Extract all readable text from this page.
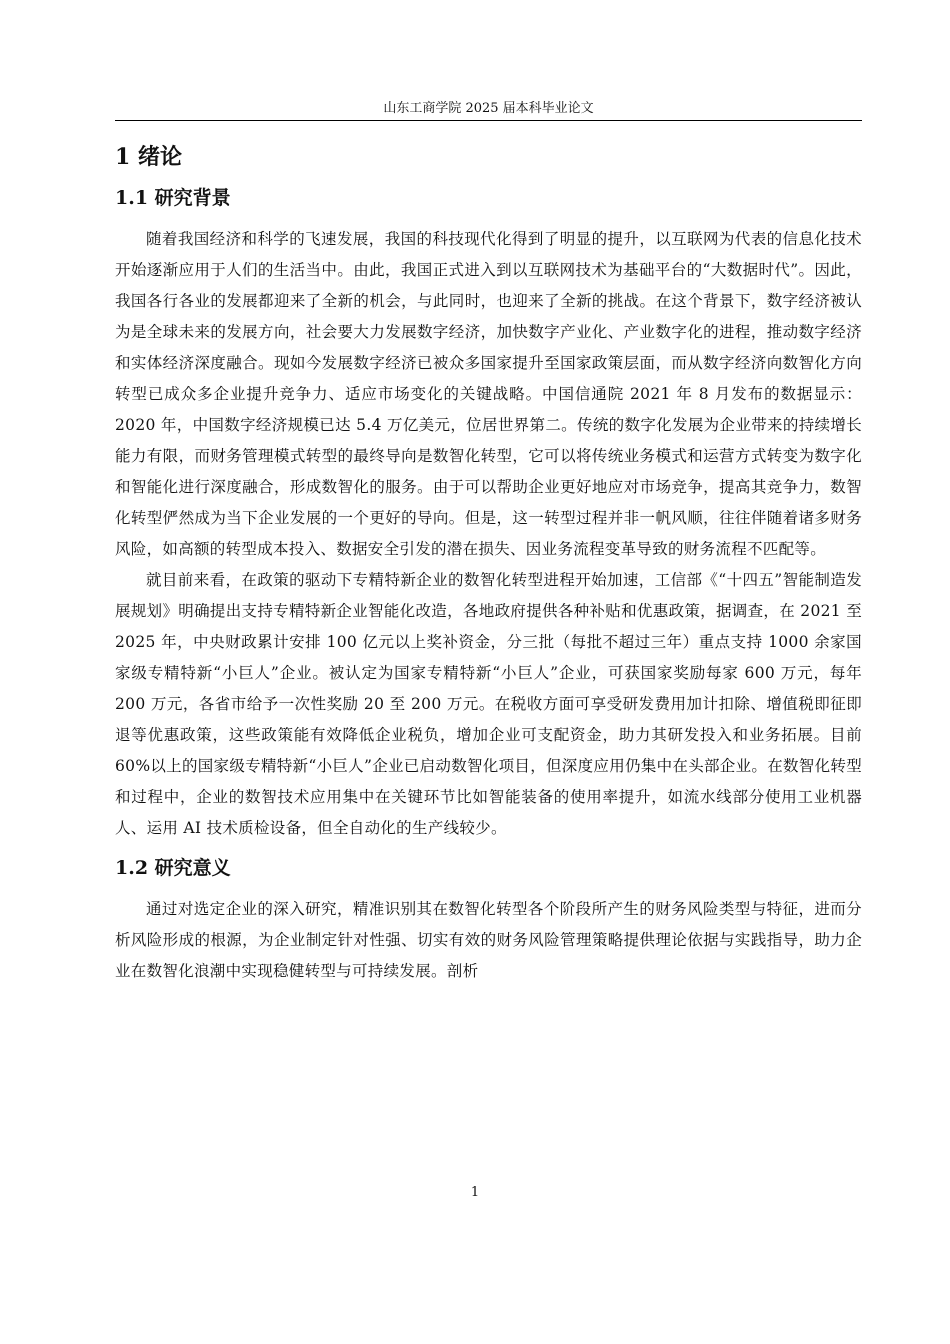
山东工商学院 2025 届本科毕业论文
1 绪论
1.1 研究背景

随着我国经济和科学的飞速发展，我国的科技现代化得到了明显的提升，以互联网为代表的信息化技术开始逐渐应用于人们的生活当中。由此，我国正式进入到以互联网技术为基础平台的“大数据时代”。因此，我国各行各业的发展都迎来了全新的机会，与此同时，也迎来了全新的挑战。在这个背景下，数字经济被认为是全球未来的发展方向，社会要大力发展数字经济，加快数字产业化、产业数字化的进程，推动数字经济和实体经济深度融合。现如今发展数字经济已被众多国家提升至国家政策层面，而从数字经济向数智化方向转型已成众多企业提升竞争力、适应市场变化的关键战略。中国信通院 2021 年 8 月发布的数据显示：2020 年，中国数字经济规模已达 5.4 万亿美元，位居世界第二。传统的数字化发展为企业带来的持续增长能力有限，而财务管理模式转型的最终导向是数智化转型，它可以将传统业务模式和运营方式转变为数字化和智能化进行深度融合，形成数智化的服务。由于可以帮助企业更好地应对市场竞争，提高其竞争力，数智化转型俨然成为当下企业发展的一个更好的导向。但是，这一转型过程并非一帆风顺，往往伴随着诸多财务风险，如高额的转型成本投入、数据安全引发的潜在损失、因业务流程变革导致的财务流程不匹配等。

就目前来看，在政策的驱动下专精特新企业的数智化转型进程开始加速，工信部《“十四五”智能制造发展规划》明确提出支持专精特新企业智能化改造，各地政府提供各种补贴和优惠政策，据调查，在 2021 至 2025 年，中央财政累计安排 100 亿元以上奖补资金，分三批（每批不超过三年）重点支持 1000 余家国家级专精特新“小巨人”企业。被认定为国家专精特新“小巨人”企业，可获国家奖励每家 600 万元，每年 200 万元，各省市给予一次性奖励 20 至 200 万元。在税收方面可享受研发费用加计扣除、增值税即征即退等优惠政策，这些政策能有效降低企业税负，增加企业可支配资金，助力其研发投入和业务拓展。目前 60%以上的国家级专精特新“小巨人”企业已启动数智化项目，但深度应用仍集中在头部企业。在数智化转型和过程中，企业的数智技术应用集中在关键环节比如智能装备的使用率提升，如流水线部分使用工业机器人、运用 AI 技术质检设备，但全自动化的生产线较少。

1.2 研究意义

通过对选定企业的深入研究，精准识别其在数智化转型各个阶段所产生的财务风险类型与特征，进而分析风险形成的根源，为企业制定针对性强、切实有效的财务风险管理策略提供理论依据与实践指导，助力企业在数智化浪潮中实现稳健转型与可持续发展。剖析

1
